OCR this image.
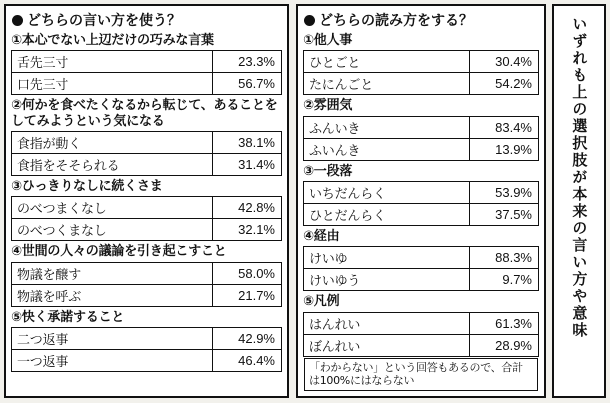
どちらの言い方を使う？
①本心でない上辺だけの巧みな言葉
舌先三寸	23.3%
口先三寸	56.7%
②何かを食べたくなるから転じて、あることをしてみようという気になる
食指が動く	38.1%
食指をそそられる	31.4%
③ひっきりなしに続くさま
のべつまくなし	42.8%
のべつくまなし	32.1%
④世間の人々の議論を引き起こすこと
物議を醸す	58.0%
物議を呼ぶ	21.7%
⑤快く承諾すること
二つ返事	42.9%
一つ返事	46.4%
どちらの読み方をする？
①他人事
ひとごと	30.4%
たにんごと	54.2%
②雰囲気
ふんいき	83.4%
ふいんき	13.9%
③一段落
いちだんらく	53.9%
ひとだんらく	37.5%
④経由
けいゆ	88.3%
けいゆう	9.7%
⑤凡例
はんれい	61.3%
ぼんれい	28.9%
「わからない」という回答もあるので、合計は100%にはならない
いずれも上の選択肢が本来の言い方や意味
